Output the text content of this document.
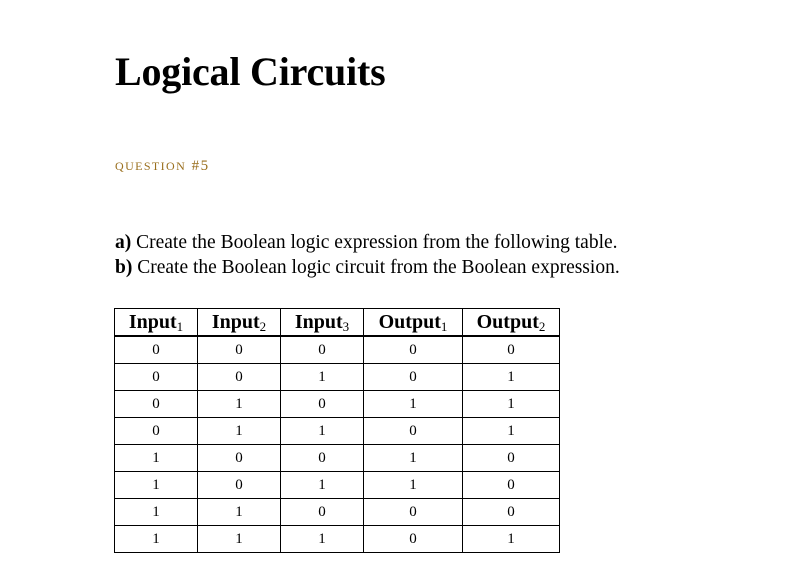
Logical Circuits

question #5

a) Create the Boolean logic expression from the following table.
b) Create the Boolean logic circuit from the Boolean expression.
Input$_1$	Input$_2$	Input$_3$	Output$_1$	Output$_2$
0	0	0	0	0
0	0	1	0	1
0	1	0	1	1
0	1	1	0	1
1	0	0	1	0
1	0	1	1	0
1	1	0	0	0
1	1	1	0	1
